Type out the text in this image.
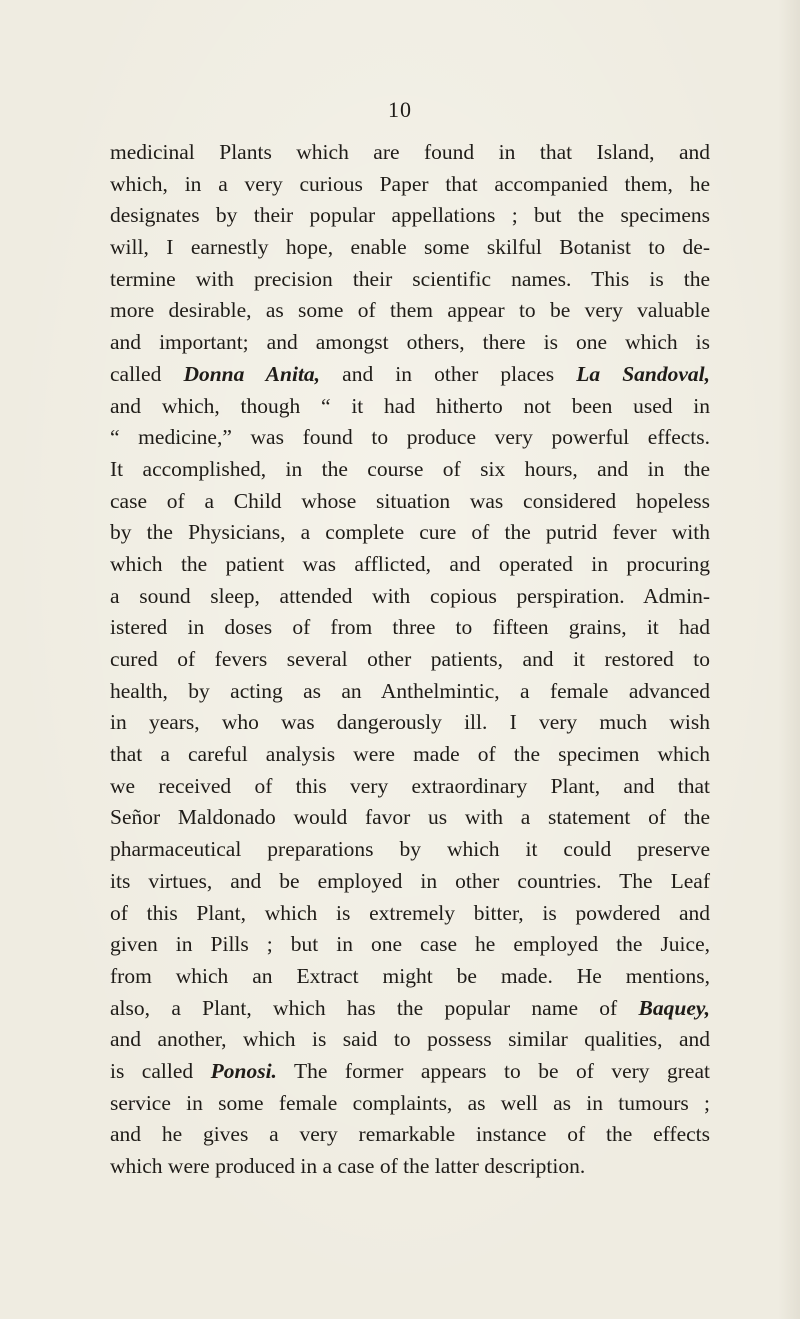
10
medicinal Plants which are found in that Island, and
which, in a very curious Paper that accompanied them, he
designates by their popular appellations ; but the specimens
will, I earnestly hope, enable some skilful Botanist to de-
termine with precision their scientific names. This is the
more desirable, as some of them appear to be very valuable
and important; and amongst others, there is one which is
called Donna Anita, and in other places La Sandoval,
and which, though “ it had hitherto not been used in
“ medicine,” was found to produce very powerful effects.
It accomplished, in the course of six hours, and in the
case of a Child whose situation was considered hopeless
by the Physicians, a complete cure of the putrid fever with
which the patient was afflicted, and operated in procuring
a sound sleep, attended with copious perspiration. Admin-
istered in doses of from three to fifteen grains, it had
cured of fevers several other patients, and it restored to
health, by acting as an Anthelmintic, a female advanced
in years, who was dangerously ill. I very much wish
that a careful analysis were made of the specimen which
we received of this very extraordinary Plant, and that
Señor Maldonado would favor us with a statement of the
pharmaceutical preparations by which it could preserve
its virtues, and be employed in other countries. The Leaf
of this Plant, which is extremely bitter, is powdered and
given in Pills ; but in one case he employed the Juice,
from which an Extract might be made. He mentions,
also, a Plant, which has the popular name of Baquey,
and another, which is said to possess similar qualities, and
is called Ponosi. The former appears to be of very great
service in some female complaints, as well as in tumours ;
and he gives a very remarkable instance of the effects
which were produced in a case of the latter description.
